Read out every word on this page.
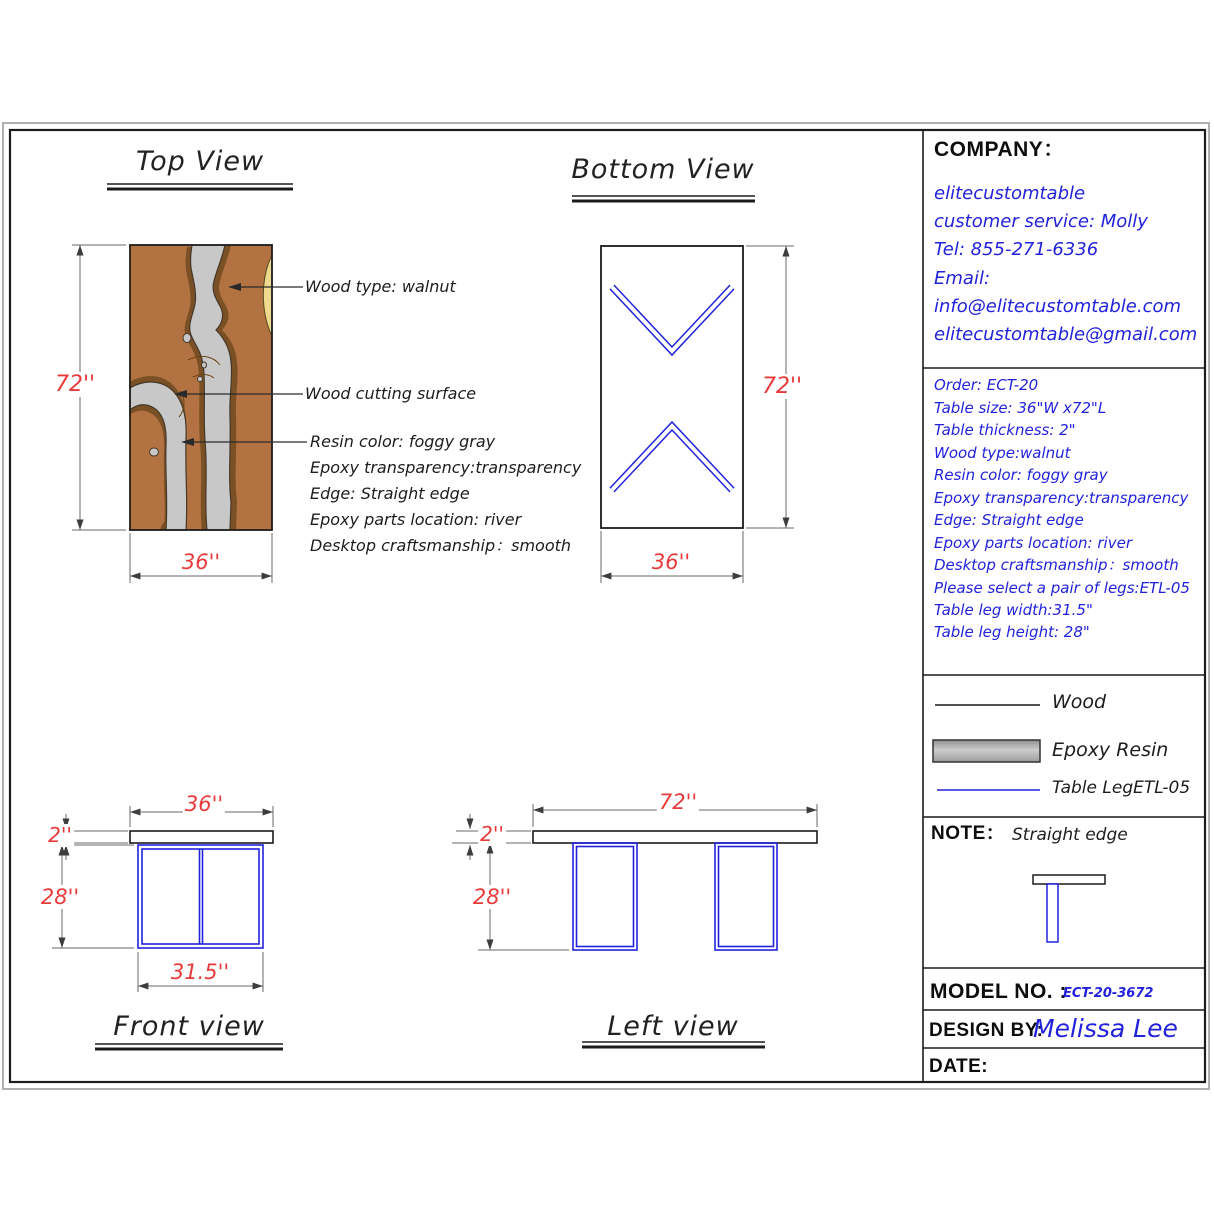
Top View	Bottom View
Front view	Left view
72''
36''
72''
36''
36''
2''
28''
31.5''
72''
2''
28''
Wood type: walnut
Wood cutting surface
Resin color: foggy gray
Epoxy transparency:transparency
Edge: Straight edge
Epoxy parts location: river
Desktop craftsmanship：smooth
COMPANY：
elitecustomtable
customer service: Molly
Tel: 855-271-6336
Email:
info@elitecustomtable.com
elitecustomtable@gmail.com
Order: ECT-20
Table size: 36"W x72"L
Table thickness: 2"
Wood type:walnut
Resin color: foggy gray
Epoxy transparency:transparency
Edge: Straight edge
Epoxy parts location: river
Desktop craftsmanship：smooth
Please select a pair of legs:ETL-05
Table leg width:31.5"
Table leg height: 28"
Wood
Epoxy Resin
Table LegETL-05
NOTE： Straight edge
MODEL NO. :
ECT-20-3672
DESIGN BY:
Melissa Lee
DATE:
